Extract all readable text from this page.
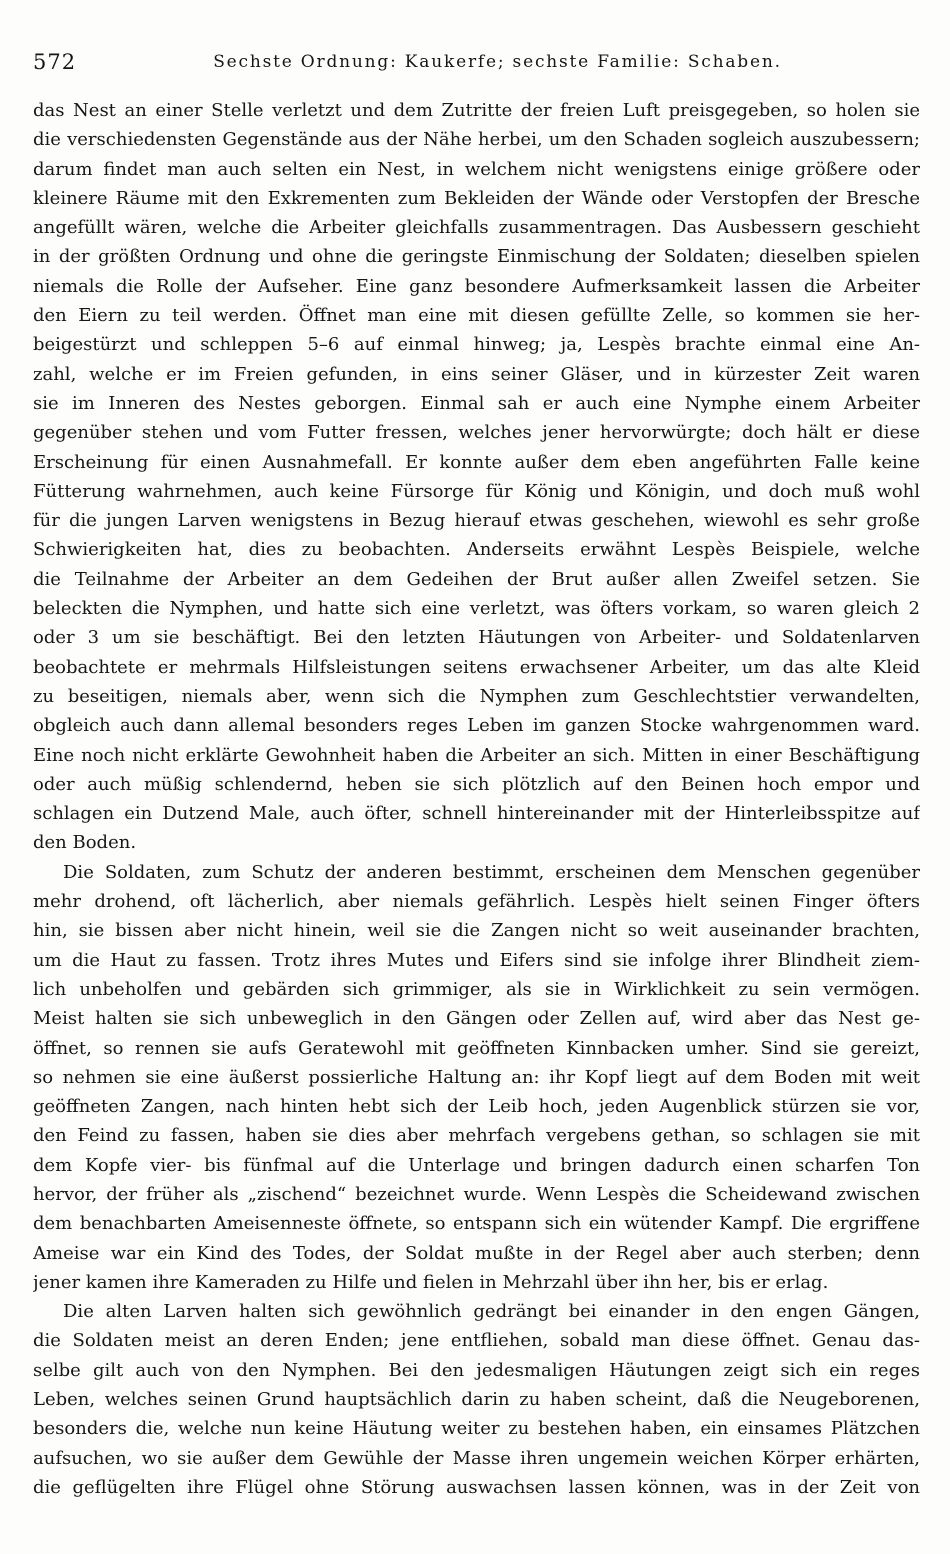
572	Sechste Ordnung: Kaukerfe; sechste Familie: Schaben.
das Nest an einer Stelle verletzt und dem Zutritte der freien Luft preisgegeben, so holen sie
die verschiedensten Gegenstände aus der Nähe herbei, um den Schaden sogleich auszubessern;
darum findet man auch selten ein Nest, in welchem nicht wenigstens einige größere oder
kleinere Räume mit den Exkrementen zum Bekleiden der Wände oder Verstopfen der Bresche
angefüllt wären, welche die Arbeiter gleichfalls zusammentragen. Das Ausbessern geschieht
in der größten Ordnung und ohne die geringste Einmischung der Soldaten; dieselben spielen
niemals die Rolle der Aufseher. Eine ganz besondere Aufmerksamkeit lassen die Arbeiter
den Eiern zu teil werden. Öffnet man eine mit diesen gefüllte Zelle, so kommen sie her-
beigestürzt und schleppen 5–6 auf einmal hinweg; ja, Lespès brachte einmal eine An-
zahl, welche er im Freien gefunden, in eins seiner Gläser, und in kürzester Zeit waren
sie im Inneren des Nestes geborgen. Einmal sah er auch eine Nymphe einem Arbeiter
gegenüber stehen und vom Futter fressen, welches jener hervorwürgte; doch hält er diese
Erscheinung für einen Ausnahmefall. Er konnte außer dem eben angeführten Falle keine
Fütterung wahrnehmen, auch keine Fürsorge für König und Königin, und doch muß wohl
für die jungen Larven wenigstens in Bezug hierauf etwas geschehen, wiewohl es sehr große
Schwierigkeiten hat, dies zu beobachten. Anderseits erwähnt Lespès Beispiele, welche
die Teilnahme der Arbeiter an dem Gedeihen der Brut außer allen Zweifel setzen. Sie
beleckten die Nymphen, und hatte sich eine verletzt, was öfters vorkam, so waren gleich 2
oder 3 um sie beschäftigt. Bei den letzten Häutungen von Arbeiter- und Soldatenlarven
beobachtete er mehrmals Hilfsleistungen seitens erwachsener Arbeiter, um das alte Kleid
zu beseitigen, niemals aber, wenn sich die Nymphen zum Geschlechtstier verwandelten,
obgleich auch dann allemal besonders reges Leben im ganzen Stocke wahrgenommen ward.
Eine noch nicht erklärte Gewohnheit haben die Arbeiter an sich. Mitten in einer Beschäftigung
oder auch müßig schlendernd, heben sie sich plötzlich auf den Beinen hoch empor und
schlagen ein Dutzend Male, auch öfter, schnell hintereinander mit der Hinterleibsspitze auf
den Boden.
Die Soldaten, zum Schutz der anderen bestimmt, erscheinen dem Menschen gegenüber
mehr drohend, oft lächerlich, aber niemals gefährlich. Lespès hielt seinen Finger öfters
hin, sie bissen aber nicht hinein, weil sie die Zangen nicht so weit auseinander brachten,
um die Haut zu fassen. Trotz ihres Mutes und Eifers sind sie infolge ihrer Blindheit ziem-
lich unbeholfen und gebärden sich grimmiger, als sie in Wirklichkeit zu sein vermögen.
Meist halten sie sich unbeweglich in den Gängen oder Zellen auf, wird aber das Nest ge-
öffnet, so rennen sie aufs Geratewohl mit geöffneten Kinnbacken umher. Sind sie gereizt,
so nehmen sie eine äußerst possierliche Haltung an: ihr Kopf liegt auf dem Boden mit weit
geöffneten Zangen, nach hinten hebt sich der Leib hoch, jeden Augenblick stürzen sie vor,
den Feind zu fassen, haben sie dies aber mehrfach vergebens gethan, so schlagen sie mit
dem Kopfe vier- bis fünfmal auf die Unterlage und bringen dadurch einen scharfen Ton
hervor, der früher als „zischend“ bezeichnet wurde. Wenn Lespès die Scheidewand zwischen
dem benachbarten Ameisenneste öffnete, so entspann sich ein wütender Kampf. Die ergriffene
Ameise war ein Kind des Todes, der Soldat mußte in der Regel aber auch sterben; denn
jener kamen ihre Kameraden zu Hilfe und fielen in Mehrzahl über ihn her, bis er erlag.
Die alten Larven halten sich gewöhnlich gedrängt bei einander in den engen Gängen,
die Soldaten meist an deren Enden; jene entfliehen, sobald man diese öffnet. Genau das-
selbe gilt auch von den Nymphen. Bei den jedesmaligen Häutungen zeigt sich ein reges
Leben, welches seinen Grund hauptsächlich darin zu haben scheint, daß die Neugeborenen,
besonders die, welche nun keine Häutung weiter zu bestehen haben, ein einsames Plätzchen
aufsuchen, wo sie außer dem Gewühle der Masse ihren ungemein weichen Körper erhärten,
die geflügelten ihre Flügel ohne Störung auswachsen lassen können, was in der Zeit von
